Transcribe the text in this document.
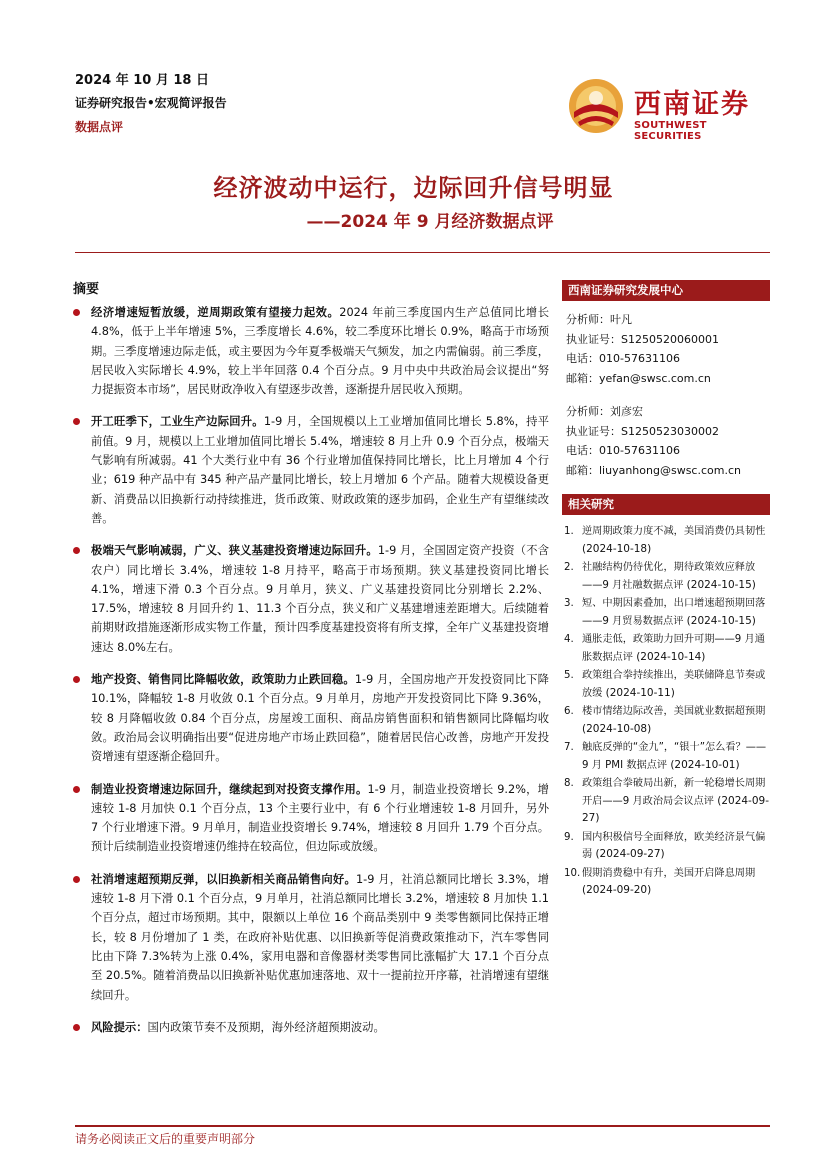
2024 年 10 月 18 日
证券研究报告•宏观简评报告
数据点评
西南证券
SOUTHWEST SECURITIES
经济波动中运行，边际回升信号明显
——2024 年 9 月经济数据点评
摘要
经济增速短暂放缓，逆周期政策有望接力起效。2024 年前三季度国内生产总值同比增长 4.8%，低于上半年增速 5%，三季度增长 4.6%，较二季度环比增长 0.9%，略高于市场预期。三季度增速边际走低，或主要因为今年夏季极端天气频发，加之内需偏弱。前三季度，居民收入实际增长 4.9%，较上半年回落 0.4 个百分点。9 月中央中共政治局会议提出“努力提振资本市场”，居民财政净收入有望逐步改善，逐渐提升居民收入预期。
开工旺季下，工业生产边际回升。1-9 月，全国规模以上工业增加值同比增长 5.8%，持平前值。9 月，规模以上工业增加值同比增长 5.4%，增速较 8 月上升 0.9 个百分点，极端天气影响有所减弱。41 个大类行业中有 36 个行业增加值保持同比增长，比上月增加 4 个行业；619 种产品中有 345 种产品产量同比增长，较上月增加 6 个产品。随着大规模设备更新、消费品以旧换新行动持续推进，货币政策、财政政策的逐步加码，企业生产有望继续改善。
极端天气影响减弱，广义、狭义基建投资增速边际回升。1-9 月，全国固定资产投资（不含农户）同比增长 3.4%，增速较 1-8 月持平，略高于市场预期。狭义基建投资同比增长 4.1%，增速下滑 0.3 个百分点。9 月单月，狭义、广义基建投资同比分别增长 2.2%、17.5%，增速较 8 月回升约 1、11.3 个百分点，狭义和广义基建增速差距增大。后续随着前期财政措施逐渐形成实物工作量，预计四季度基建投资将有所支撑，全年广义基建投资增速达 8.0%左右。
地产投资、销售同比降幅收敛，政策助力止跌回稳。1-9 月，全国房地产开发投资同比下降 10.1%，降幅较 1-8 月收敛 0.1 个百分点。9 月单月，房地产开发投资同比下降 9.36%，较 8 月降幅收敛 0.84 个百分点，房屋竣工面积、商品房销售面积和销售额同比降幅均收敛。政治局会议明确指出要“促进房地产市场止跌回稳”，随着居民信心改善，房地产开发投资增速有望逐渐企稳回升。
制造业投资增速边际回升，继续起到对投资支撑作用。1-9 月，制造业投资增长 9.2%，增速较 1-8 月加快 0.1 个百分点，13 个主要行业中，有 6 个行业增速较 1-8 月回升，另外 7 个行业增速下滑。9 月单月，制造业投资增长 9.74%，增速较 8 月回升 1.79 个百分点。预计后续制造业投资增速仍维持在较高位，但边际或放缓。
社消增速超预期反弹，以旧换新相关商品销售向好。1-9 月，社消总额同比增长 3.3%，增速较 1-8 月下滑 0.1 个百分点，9 月单月，社消总额同比增长 3.2%，增速较 8 月加快 1.1 个百分点，超过市场预期。其中，限额以上单位 16 个商品类别中 9 类零售额同比保持正增长，较 8 月份增加了 1 类，在政府补贴优惠、以旧换新等促消费政策推动下，汽车零售同比由下降 7.3%转为上涨 0.4%，家用电器和音像器材类零售同比涨幅扩大 17.1 个百分点至 20.5%。随着消费品以旧换新补贴优惠加速落地、双十一提前拉开序幕，社消增速有望继续回升。
风险提示：国内政策节奏不及预期，海外经济超预期波动。
西南证券研究发展中心
分析师：叶凡
执业证号：S1250520060001
电话：010-57631106
邮箱：yefan@swsc.com.cn
分析师：刘彦宏
执业证号：S1250523030002
电话：010-57631106
邮箱：liuyanhong@swsc.com.cn
相关研究
1. 逆周期政策力度不减，美国消费仍具韧性 (2024-10-18)
2. 社融结构仍待优化，期待政策效应释放——9 月社融数据点评 (2024-10-15)
3. 短、中期因素叠加，出口增速超预期回落——9 月贸易数据点评 (2024-10-15)
4. 通胀走低，政策助力回升可期——9 月通胀数据点评 (2024-10-14)
5. 政策组合拳持续推出，美联储降息节奏或放缓 (2024-10-11)
6. 楼市情绪边际改善，美国就业数据超预期 (2024-10-08)
7. 触底反弹的“金九”，“银十”怎么看？——9 月 PMI 数据点评 (2024-10-01)
8. 政策组合拳破局出新，新一轮稳增长周期开启——9 月政治局会议点评 (2024-09-27)
9. 国内积极信号全面释放，欧美经济景气偏弱 (2024-09-27)
10. 假期消费稳中有升，美国开启降息周期 (2024-09-20)
请务必阅读正文后的重要声明部分
